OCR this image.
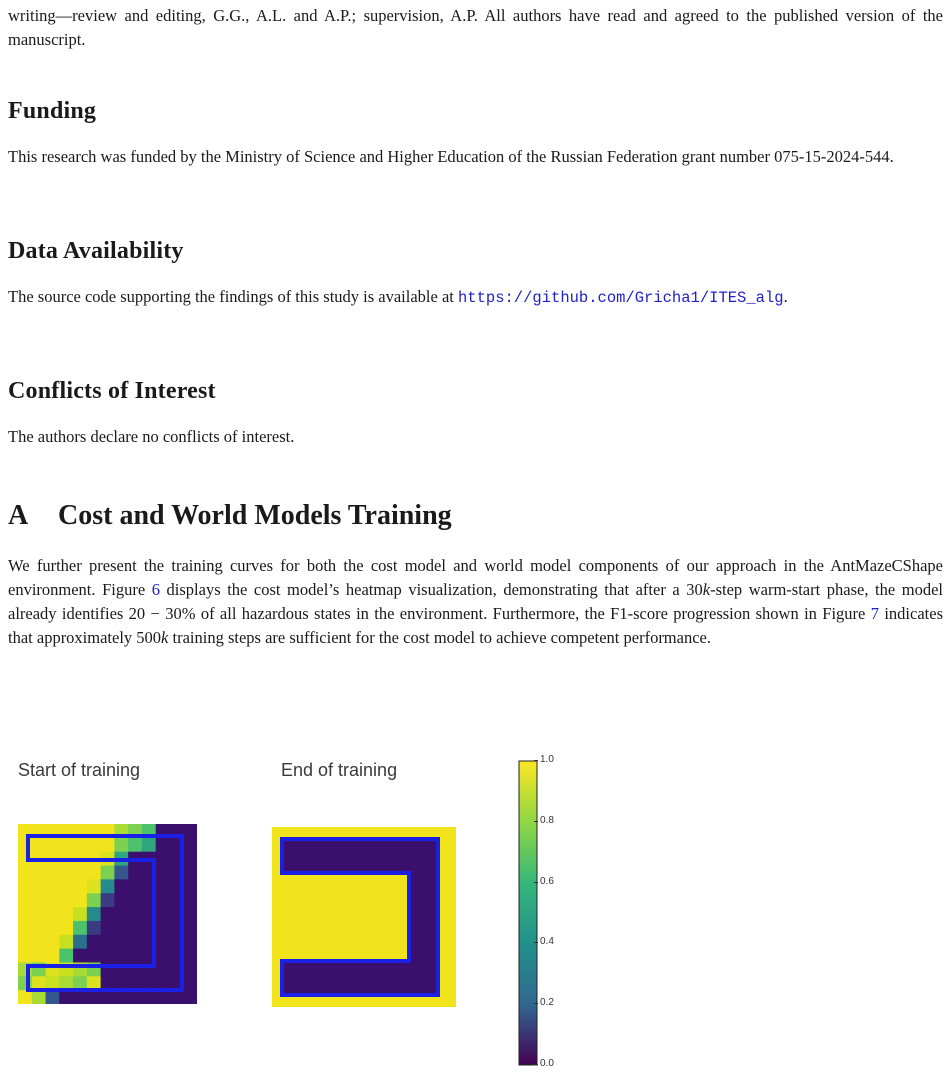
writing—review and editing, G.G., A.L. and A.P.; supervision, A.P. All authors have read and agreed to the published version of the manuscript.

Funding

This research was funded by the Ministry of Science and Higher Education of the Russian Federation grant number 075-15-2024-544.

Data Availability

The source code supporting the findings of this study is available at https://github.com/Gricha1/ITES_alg.

Conflicts of Interest

The authors declare no conflicts of interest.

A Cost and World Models Training

We further present the training curves for both the cost model and world model components of our approach in the AntMazeCShape environment. Figure 6 displays the cost model’s heatmap visualization, demonstrating that after a 30k-step warm-start phase, the model already identifies 20 − 30% of all hazardous states in the environment. Furthermore, the F1-score progression shown in Figure 7 indicates that approximately 500k training steps are sufficient for the cost model to achieve competent performance.

Start of training	End of training

1.0
0.8
0.6
0.4
0.2
0.0
